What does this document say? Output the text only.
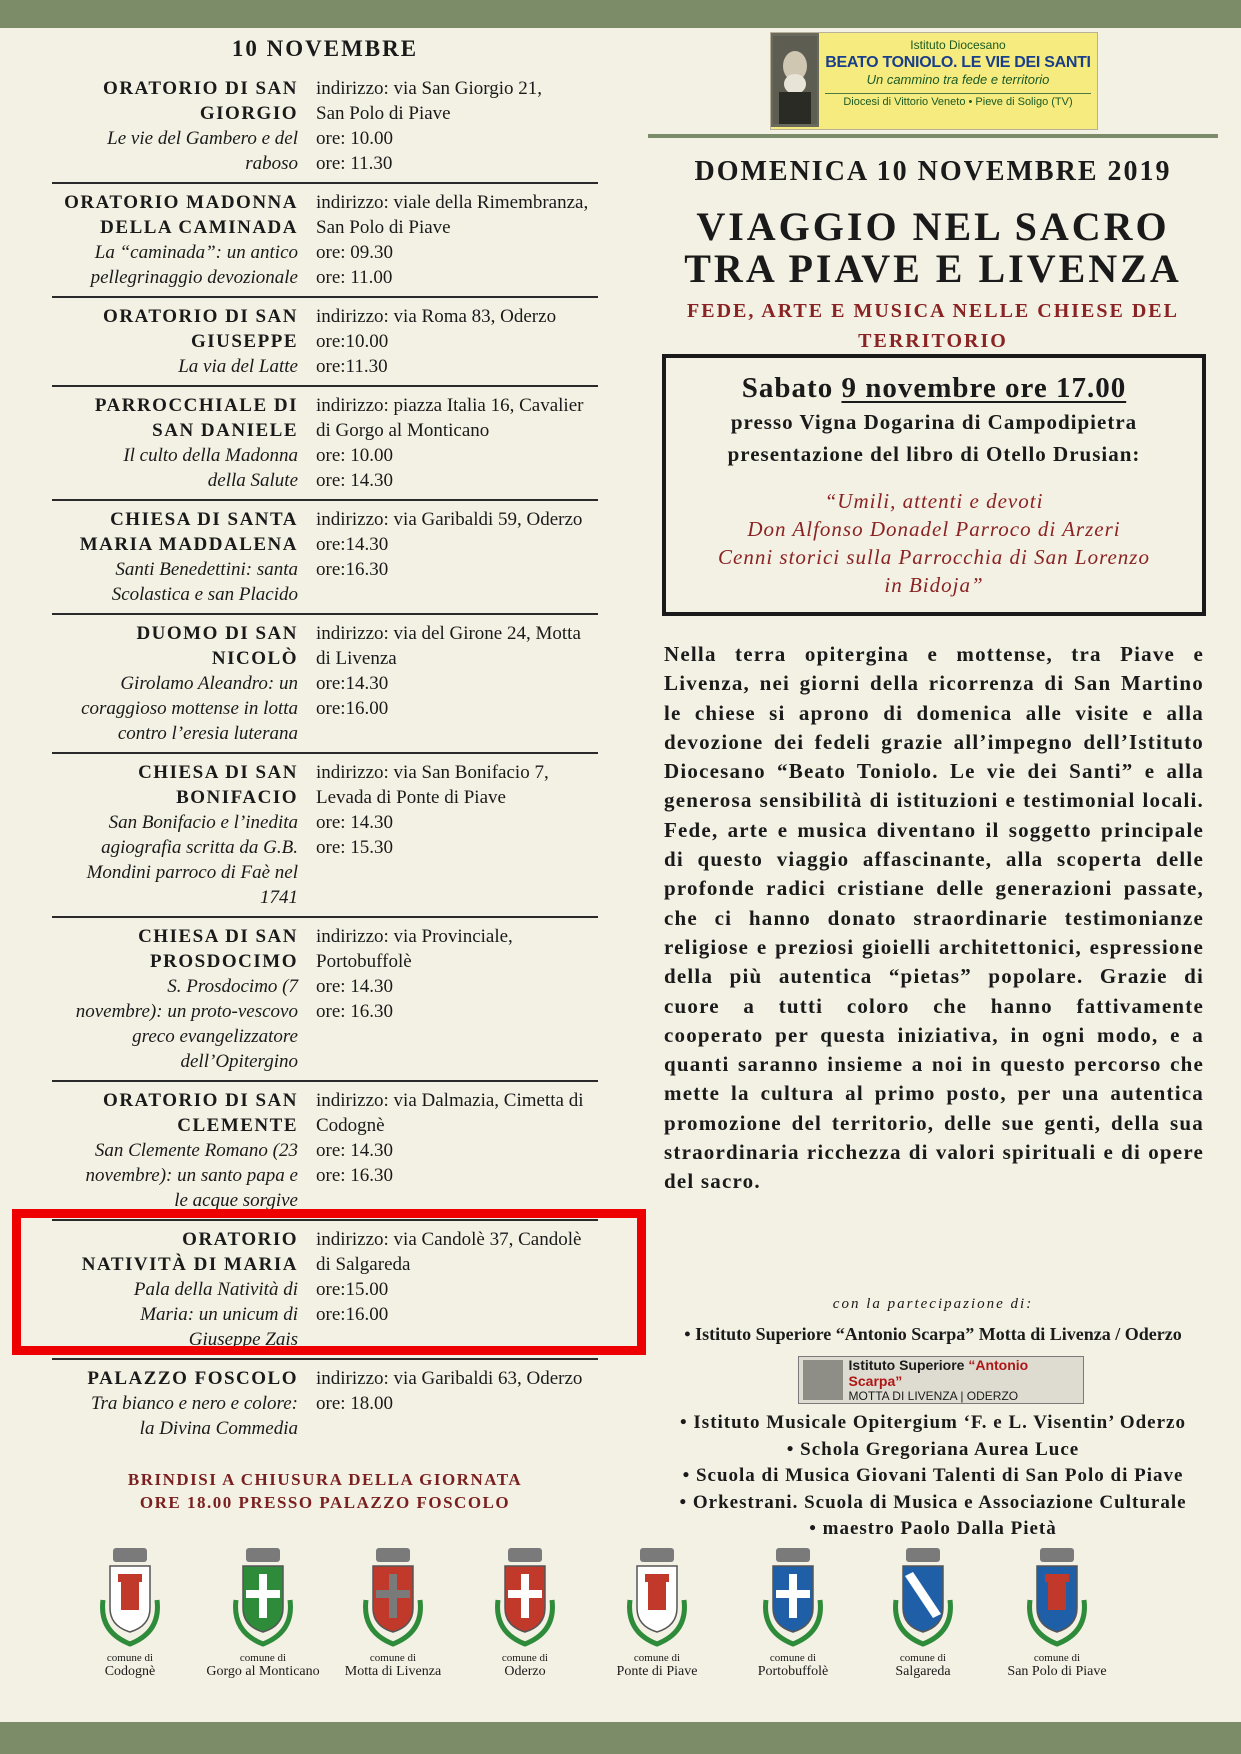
10 NOVEMBRE
ORATORIO DI SAN
GIORGIO
Le vie del Gambero e del
raboso
indirizzo: via San Giorgio 21,
San Polo di Piave
ore: 10.00
ore: 11.30
ORATORIO MADONNA
DELLA CAMINADA
La “caminada”: un antico
pellegrinaggio devozionale
indirizzo: viale della Rimembranza,
San Polo di Piave
ore: 09.30
ore: 11.00
ORATORIO DI SAN
GIUSEPPE
La via del Latte
indirizzo: via Roma 83, Oderzo
ore:10.00
ore:11.30
PARROCCHIALE DI
SAN DANIELE
Il culto della Madonna
della Salute
indirizzo: piazza Italia 16, Cavalier
di Gorgo al Monticano
ore: 10.00
ore: 14.30
CHIESA DI SANTA
MARIA MADDALENA
Santi Benedettini: santa
Scolastica e san Placido
indirizzo: via Garibaldi 59, Oderzo
ore:14.30
ore:16.30
DUOMO DI SAN
NICOLÒ
Girolamo Aleandro: un
coraggioso mottense in lotta
contro l’eresia luterana
indirizzo: via del Girone 24, Motta
di Livenza
ore:14.30
ore:16.00
CHIESA DI SAN
BONIFACIO
San Bonifacio e l’inedita
agiografia scritta da G.B.
Mondini parroco di Faè nel
1741
indirizzo: via San Bonifacio 7,
Levada di Ponte di Piave
ore: 14.30
ore: 15.30
CHIESA DI SAN
PROSDOCIMO
S. Prosdocimo (7
novembre): un proto-vescovo
greco evangelizzatore
dell’Opitergino
indirizzo: via Provinciale,
Portobuffolè
ore: 14.30
ore: 16.30
ORATORIO DI SAN
CLEMENTE
San Clemente Romano (23
novembre): un santo papa e
le acque sorgive
indirizzo: via Dalmazia, Cimetta di
Codognè
ore: 14.30
ore: 16.30
ORATORIO
NATIVITÀ DI MARIA
Pala della Natività di
Maria: un unicum di
Giuseppe Zais
indirizzo: via Candolè 37, Candolè
di Salgareda
ore:15.00
ore:16.00
PALAZZO FOSCOLO
Tra bianco e nero e colore:
la Divina Commedia
indirizzo: via Garibaldi 63, Oderzo
ore: 18.00
BRINDISI A CHIUSURA DELLA GIORNATA
ORE 18.00 PRESSO PALAZZO FOSCOLO
Istituto Diocesano
BEATO TONIOLO. LE VIE DEI SANTI
Un cammino tra fede e territorio
Diocesi di Vittorio Veneto • Pieve di Soligo (TV)
DOMENICA 10 NOVEMBRE 2019
VIAGGIO NEL SACRO
TRA PIAVE E LIVENZA
FEDE, ARTE E MUSICA NELLE CHIESE DEL
TERRITORIO
Sabato 9 novembre ore 17.00
presso Vigna Dogarina di Campodipietra
presentazione del libro di Otello Drusian:
“Umili, attenti e devoti
Don Alfonso Donadel Parroco di Arzeri
Cenni storici sulla Parrocchia di San Lorenzo
in Bidoja”
Nella terra opitergina e mottense, tra Piave e Livenza, nei giorni della ricorrenza di San Martino le chiese si aprono di domenica alle visite e alla devozione dei fedeli grazie all’impegno dell’Istituto Diocesano “Beato Toniolo. Le vie dei Santi” e alla generosa sensibilità di istituzioni e testimonial locali. Fede, arte e musica diventano il soggetto principale di questo viaggio affascinante, alla scoperta delle profonde radici cristiane delle generazioni passate, che ci hanno donato straordinarie testimonianze religiose e preziosi gioielli architettonici, espressione della più autentica “pietas” popolare. Grazie di cuore a tutti coloro che hanno fattivamente cooperato per questa iniziativa, in ogni modo, e a quanti saranno insieme a noi in questo percorso che mette la cultura al primo posto, per una autentica promozione del territorio, delle sue genti, della sua straordinaria ricchezza di valori spirituali e di opere del sacro.
con la partecipazione di:
• Istituto Superiore “Antonio Scarpa” Motta di Livenza / Oderzo
Istituto Superiore “Antonio Scarpa”
MOTTA DI LIVENZA | ODERZO
• Istituto Musicale Opitergium ‘F. e L. Visentin’ Oderzo
• Schola Gregoriana Aurea Luce
• Scuola di Musica Giovani Talenti di San Polo di Piave
• Orkestrani. Scuola di Musica e Associazione Culturale
• maestro Paolo Dalla Pietà
comune di
Codognè
comune di
Gorgo al Monticano
comune di
Motta di Livenza
comune di
Oderzo
comune di
Ponte di Piave
comune di
Portobuffolè
comune di
Salgareda
comune di
San Polo di Piave
